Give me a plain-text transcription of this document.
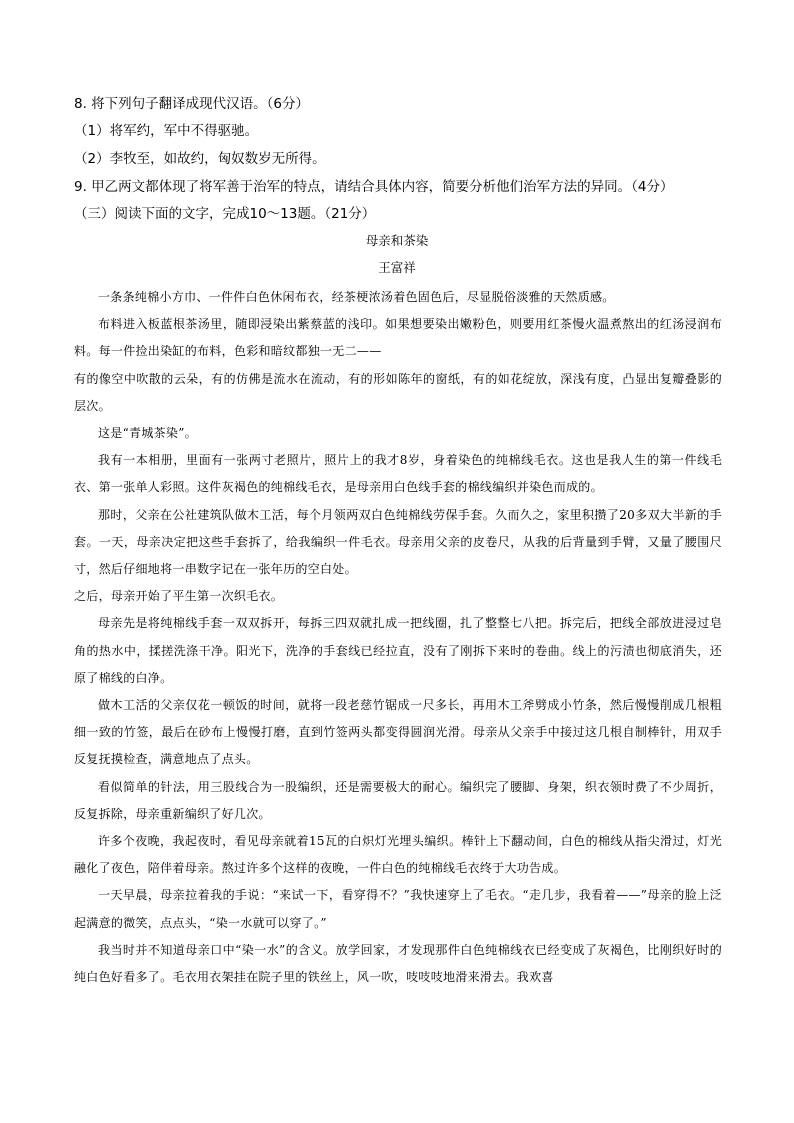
8. 将下列句子翻译成现代汉语。（6分）
（1）将军约，军中不得驱驰。
（2）李牧至，如故约，匈奴数岁无所得。
9. 甲乙两文都体现了将军善于治军的特点，请结合具体内容，简要分析他们治军方法的异同。（4分）
（三）阅读下面的文字，完成10～13题。（21分）
母亲和茶染
王富祥

一条条纯棉小方巾、一件件白色休闲布衣，经茶梗浓汤着色固色后，尽显脱俗淡雅的天然质感。

布料进入板蓝根茶汤里，随即浸染出紫蔡蓝的浅印。如果想要染出嫩粉色，则要用红茶慢火温煮熬出的红汤浸润布料。每一件捡出染缸的布料，色彩和暗纹都独一无二——

有的像空中吹散的云朵，有的仿佛是流水在流动，有的形如陈年的窗纸，有的如花绽放，深浅有度，凸显出复瓣叠影的层次。

这是“青城茶染”。

我有一本相册，里面有一张两寸老照片，照片上的我才8岁，身着染色的纯棉线毛衣。这也是我人生的第一件线毛衣、第一张单人彩照。这件灰褐色的纯棉线毛衣，是母亲用白色线手套的棉线编织并染色而成的。

那时，父亲在公社建筑队做木工活，每个月领两双白色纯棉线劳保手套。久而久之，家里积攒了20多双大半新的手套。一天，母亲决定把这些手套拆了，给我编织一件毛衣。母亲用父亲的皮卷尺，从我的后背量到手臂，又量了腰围尺寸，然后仔细地将一串数字记在一张年历的空白处。

之后，母亲开始了平生第一次织毛衣。

母亲先是将纯棉线手套一双双拆开，每拆三四双就扎成一把线圈，扎了整整七八把。拆完后，把线全部放进浸过皂角的热水中，揉搓洗涤干净。阳光下，洗净的手套线已经拉直，没有了刚拆下来时的卷曲。线上的污渍也彻底消失，还原了棉线的白净。

做木工活的父亲仅花一顿饭的时间，就将一段老慈竹锯成一尺多长，再用木工斧劈成小竹条，然后慢慢削成几根粗细一致的竹签，最后在砂布上慢慢打磨，直到竹签两头都变得圆润光滑。母亲从父亲手中接过这几根自制棒针，用双手反复抚摸检查，满意地点了点头。

看似简单的针法，用三股线合为一股编织，还是需要极大的耐心。编织完了腰脚、身架，织衣领时费了不少周折，反复拆除，母亲重新编织了好几次。

许多个夜晚，我起夜时，看见母亲就着15瓦的白炽灯光埋头编织。棒针上下翻动间，白色的棉线从指尖滑过，灯光融化了夜色，陪伴着母亲。熬过许多个这样的夜晚，一件白色的纯棉线毛衣终于大功告成。

一天早晨，母亲拉着我的手说：“来试一下，看穿得不？”我快速穿上了毛衣。“走几步，我看着——”母亲的脸上泛起满意的微笑，点点头，“染一水就可以穿了。”

我当时并不知道母亲口中“染一水”的含义。放学回家，才发现那件白色纯棉线衣已经变成了灰褐色，比刚织好时的纯白色好看多了。毛衣用衣架挂在院子里的铁丝上，风一吹，吱吱吱地滑来滑去。我欢喜
